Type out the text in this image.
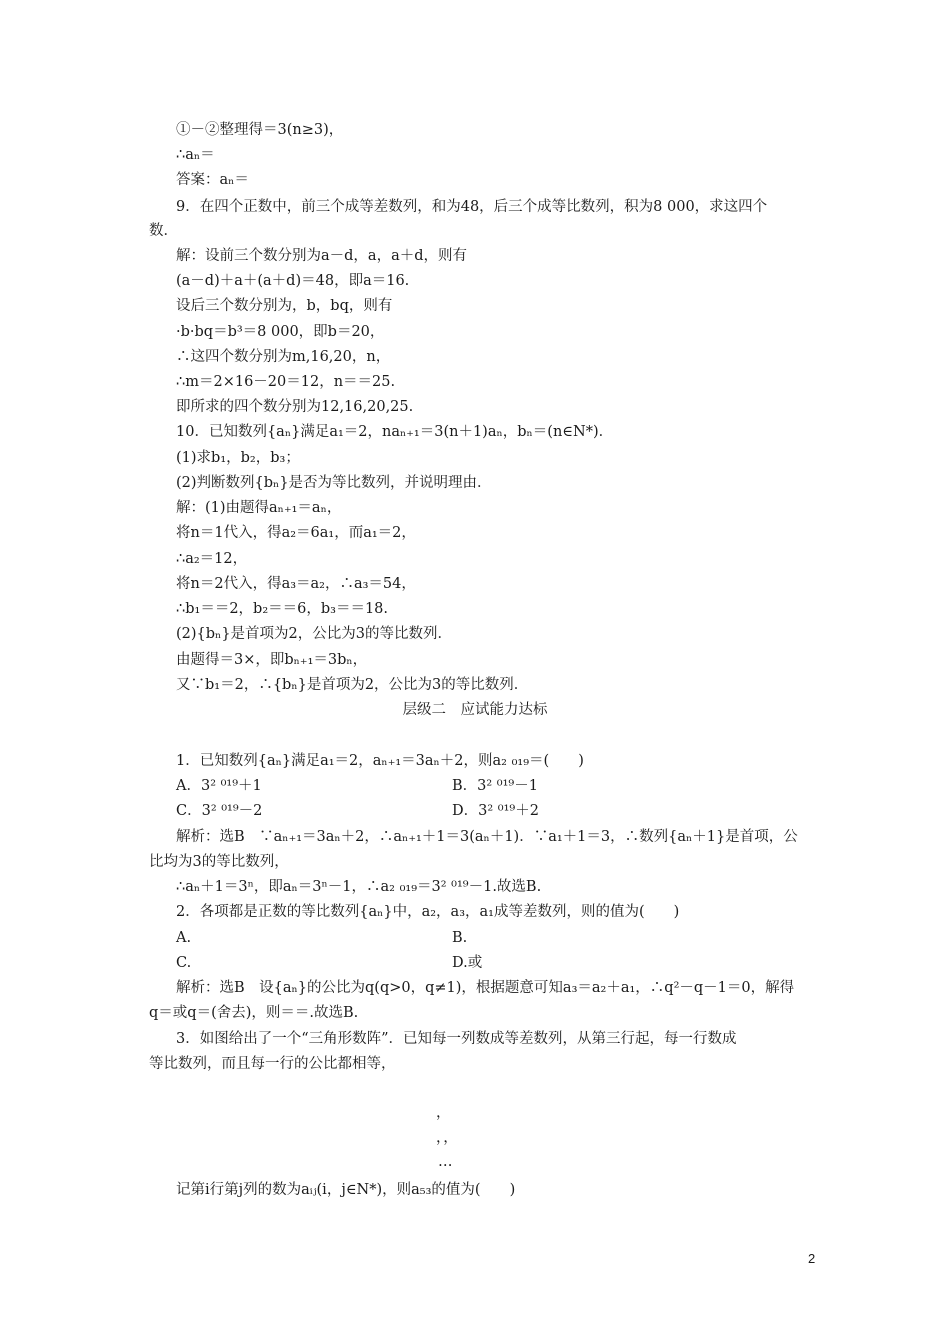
①－②整理得＝3(n≥3)，
∴aₙ＝
答案：aₙ＝
9．在四个正数中，前三个成等差数列，和为48，后三个成等比数列，积为8 000，求这四个
数．
解：设前三个数分别为a－d，a，a＋d，则有
(a－d)＋a＋(a＋d)＝48，即a＝16.
设后三个数分别为，b，bq，则有
·b·bq＝b³＝8 000，即b＝20，
∴这四个数分别为m,16,20，n，
∴m＝2×16－20＝12，n＝＝25.
即所求的四个数分别为12,16,20,25.
10．已知数列{aₙ}满足a₁＝2，naₙ₊₁＝3(n＋1)aₙ，bₙ＝(n∈N*)．
(1)求b₁，b₂，b₃；
(2)判断数列{bₙ}是否为等比数列，并说明理由．
解：(1)由题得aₙ₊₁＝aₙ，
将n＝1代入，得a₂＝6a₁，而a₁＝2，
∴a₂＝12，
将n＝2代入，得a₃＝a₂，∴a₃＝54，
∴b₁＝＝2，b₂＝＝6，b₃＝＝18.
(2){bₙ}是首项为2，公比为3的等比数列．
由题得＝3×，即bₙ₊₁＝3bₙ，
又∵b₁＝2，∴{bₙ}是首项为2，公比为3的等比数列．
层级二　应试能力达标
1．已知数列{aₙ}满足a₁＝2，aₙ₊₁＝3aₙ＋2，则a₂ ₀₁₉＝(　　)
A．3² ⁰¹⁹＋1	B．3² ⁰¹⁹－1
C．3² ⁰¹⁹－2	D．3² ⁰¹⁹＋2
解析：选B　∵aₙ₊₁＝3aₙ＋2，∴aₙ₊₁＋1＝3(aₙ＋1)．∵a₁＋1＝3，∴数列{aₙ＋1}是首项，公
比均为3的等比数列，
∴aₙ＋1＝3ⁿ，即aₙ＝3ⁿ－1，∴a₂ ₀₁₉＝3² ⁰¹⁹－1.故选B.
2．各项都是正数的等比数列{aₙ}中，a₂，a₃，a₁成等差数列，则的值为(　　)
A.	B.
C.	D.或
解析：选B　设{aₙ}的公比为q(q>0，q≠1)，根据题意可知a₃＝a₂＋a₁，∴q²－q－1＝0，解得
q＝或q＝(舍去)，则＝＝.故选B.
3．如图给出了一个“三角形数阵”．已知每一列数成等差数列，从第三行起，每一行数成
等比数列，而且每一行的公比都相等，
，
，，
…
记第i行第j列的数为aᵢⱼ(i，j∈N*)，则a₅₃的值为(　　)
2
